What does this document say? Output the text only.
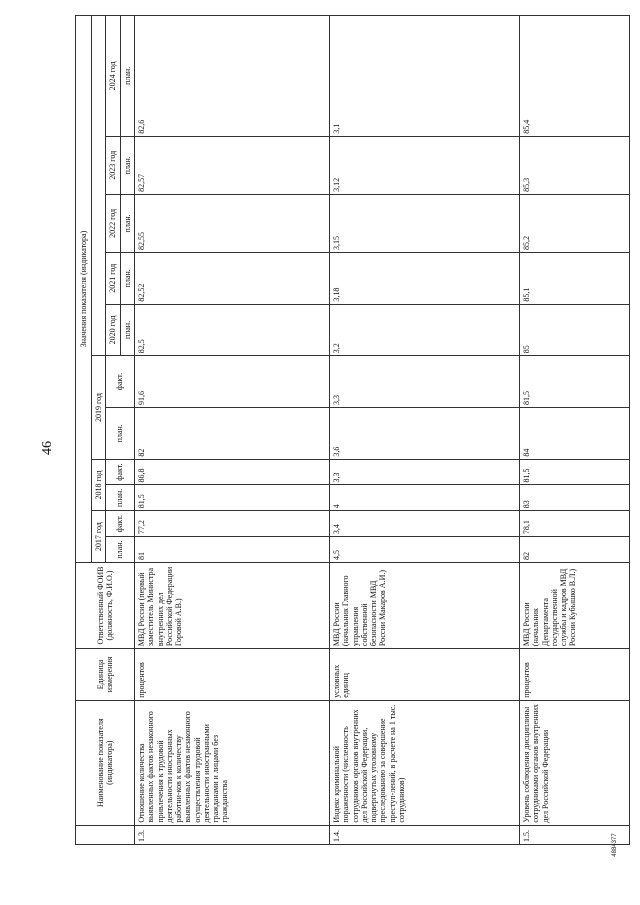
46
	Наименование показателя (индикатора)	Единица измерения	Ответственный ФОИВ (должность, Ф.И.О.)	Значения показателя (индикатора)										
				2017 год		2018 год		2019 год						
				план.	факт.	план.	факт.	план.	факт.	2020 год	2021 год	2022 год	2023 год	2024 год
										план.	план.	план.	план.	план.
1.3.	Отношение количества выявленных фактов незаконного привлечения к трудовой деятельности иностранных работни-ков к количеству выявленных фактов незаконного осуществления трудовой деятельности иностранными гражданами и лицами без гражданства	процентов	МВД России (первый заместитель Министра внутренних дел Российской Федерации Горовой А.В.)	81	77,2	81,5	86,8	82	91,6	82,5	82,52	82,55	82,57	82,6
1.4.	Индекс криминальной пораженности (численность сотрудников органов внутренних дел Российской Федерации, подвергнутых уголовному преследованию за совершение преступ-лений, в расчете на 1 тыс. сотрудников)	условных единиц	МВД России (начальник Главного управления собственной безопасности МВД России Макаров А.И.)	4,5	3,4	4	3,3	3,6	3,3	3,2	3,18	3,15	3,12	3,1
1.5.	Уровень соблюдения дисциплины сотрудниками органов внутренних дел Российской Федерации	процентов	МВД России (начальник Департамента государственной службы и кадров МВД России Кубышко В.Л.)	82	78,1	83	81,5	84	81,5	85	85,1	85,2	85,3	85,4
4884377
